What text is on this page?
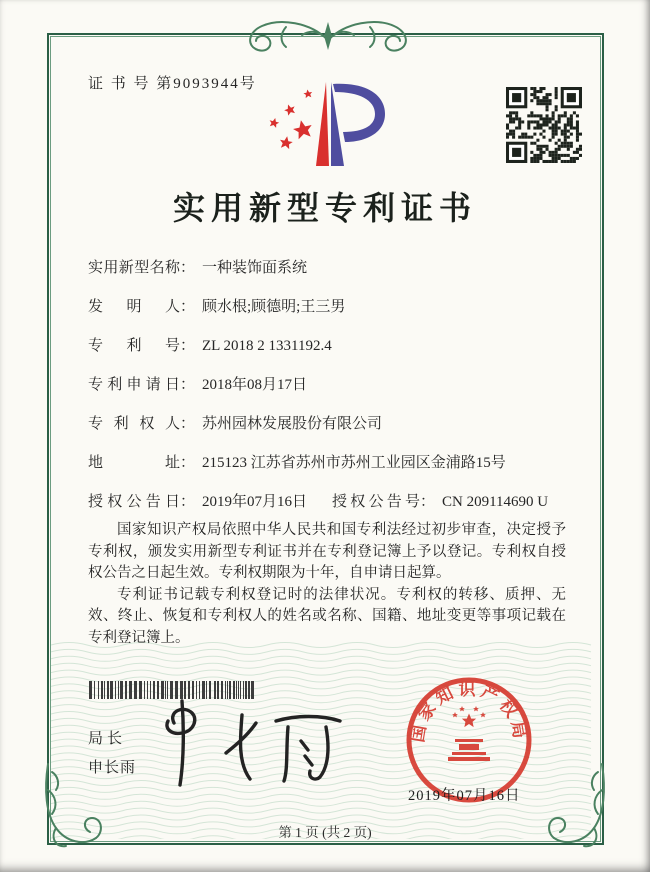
证 书 号 第9093944号
实用新型专利证书
实用新型名称： 一种装饰面系统
发明人： 顾水根;顾德明;王三男
专利号： ZL 2018 2 1331192.4
专利申请日： 2018年08月17日
专利权人： 苏州园林发展股份有限公司
地址： 215123 江苏省苏州市苏州工业园区金浦路15号
授权公告日： 2019年07月16日 授权公告号： CN 209114690 U

国家知识产权局依照中华人民共和国专利法经过初步审查，决定授予专利权，颁发实用新型专利证书并在专利登记簿上予以登记。专利权自授权公告之日起生效。专利权期限为十年，自申请日起算。

专利证书记载专利权登记时的法律状况。专利权的转移、质押、无效、终止、恢复和专利权人的姓名或名称、国籍、地址变更等事项记载在专利登记簿上。

局长
申长雨
国家知识产权局
2019年07月16日
第 1 页 (共 2 页)
